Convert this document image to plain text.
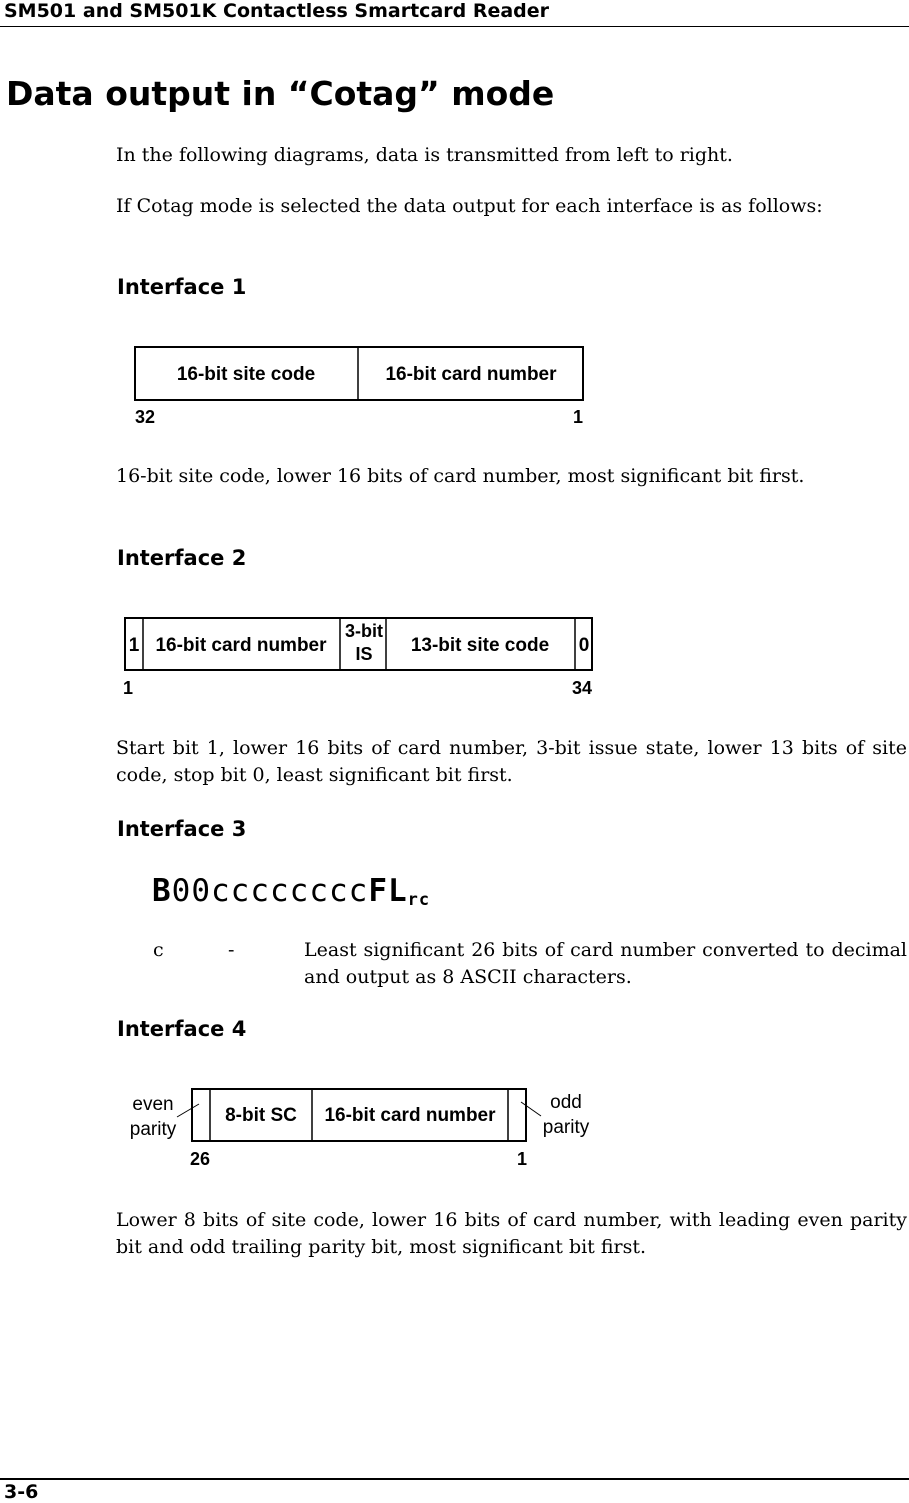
SM501 and SM501K Contactless Smartcard Reader
Data output in “Cotag” mode
In the following diagrams, data is transmitted from left to right.
If Cotag mode is selected the data output for each interface is as follows:
Interface 1
16-bit site code	16-bit card number
32	1
1 16-bit card number
3-bit
IS 13-bit site code 0
1	34
8-bit SC 16-bit card number
even
parity
odd
parity
26	1
16-bit site code, lower 16 bits of card number, most significant bit first.
Interface 2
Start bit 1, lower 16 bits of card number, 3-bit issue state, lower 13 bits of site code, stop bit 0, least significant bit first.
Interface 3
B00ccccccccFL$_{rc}$
c	-	Least significant 26 bits of card number converted to decimal and output as 8 ASCII characters.
Interface 4
Lower 8 bits of site code, lower 16 bits of card number, with leading even parity bit and odd trailing parity bit, most significant bit first.
3-6
